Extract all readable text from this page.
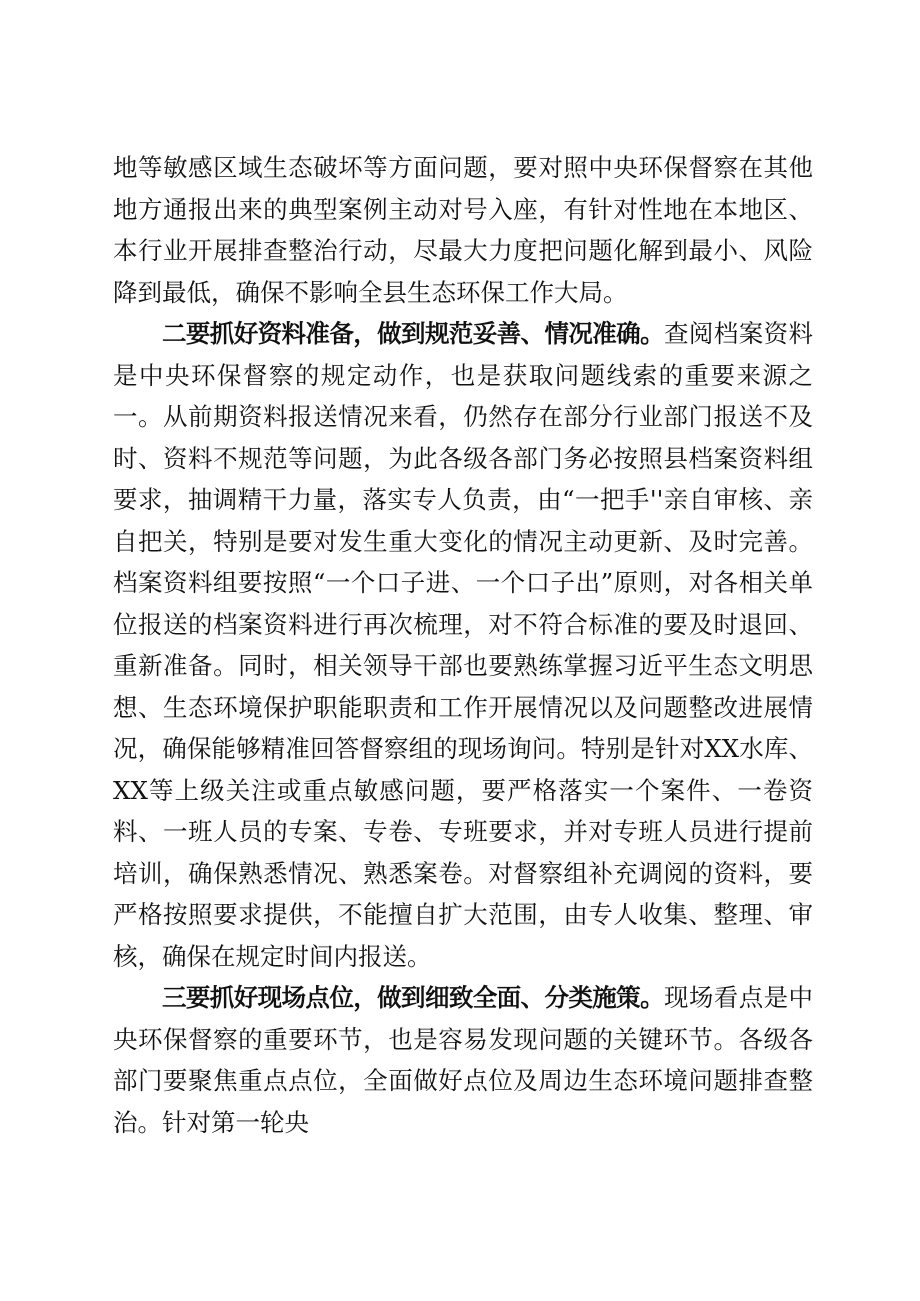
地等敏感区域生态破坏等方面问题，要对照中央环保督察在其他地方通报出来的典型案例主动对号入座，有针对性地在本地区、本行业开展排查整治行动，尽最大力度把问题化解到最小、风险降到最低，确保不影响全县生态环保工作大局。

二要抓好资料准备，做到规范妥善、情况准确。查阅档案资料是中央环保督察的规定动作，也是获取问题线索的重要来源之一。从前期资料报送情况来看，仍然存在部分行业部门报送不及时、资料不规范等问题，为此各级各部门务必按照县档案资料组要求，抽调精干力量，落实专人负责，由“一把手''亲自审核、亲自把关，特别是要对发生重大变化的情况主动更新、及时完善。档案资料组要按照“一个口子进、一个口子出”原则，对各相关单位报送的档案资料进行再次梳理，对不符合标准的要及时退回、重新准备。同时，相关领导干部也要熟练掌握习近平生态文明思想、生态环境保护职能职责和工作开展情况以及问题整改进展情况，确保能够精准回答督察组的现场询问。特别是针对XX水库、XX等上级关注或重点敏感问题，要严格落实一个案件、一卷资料、一班人员的专案、专卷、专班要求，并对专班人员进行提前培训，确保熟悉情况、熟悉案卷。对督察组补充调阅的资料，要严格按照要求提供，不能擅自扩大范围，由专人收集、整理、审核，确保在规定时间内报送。

三要抓好现场点位，做到细致全面、分类施策。现场看点是中央环保督察的重要环节，也是容易发现问题的关键环节。各级各部门要聚焦重点点位，全面做好点位及周边生态环境问题排查整治。针对第一轮央
